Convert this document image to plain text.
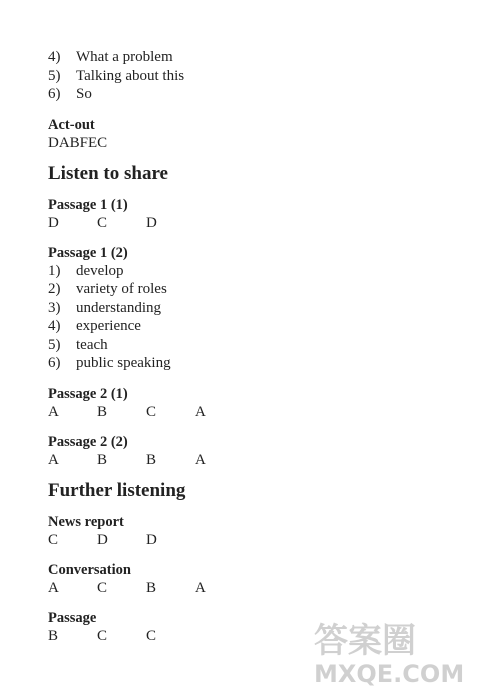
4)	What a problem
5)	Talking about this
6)	So

Act-out

DABFEC

Listen to share

Passage 1 (1)

D	C	D

Passage 1 (2)

1)	develop
2)	variety of roles
3)	understanding
4)	experience
5)	teach
6)	public speaking

Passage 2 (1)

A	B	C	A

Passage 2 (2)

A	B	B	A

Further listening

News report

C	D	D

Conversation

A	C	B	A

Passage

B	C	C	答案圈
MXQE.COM
